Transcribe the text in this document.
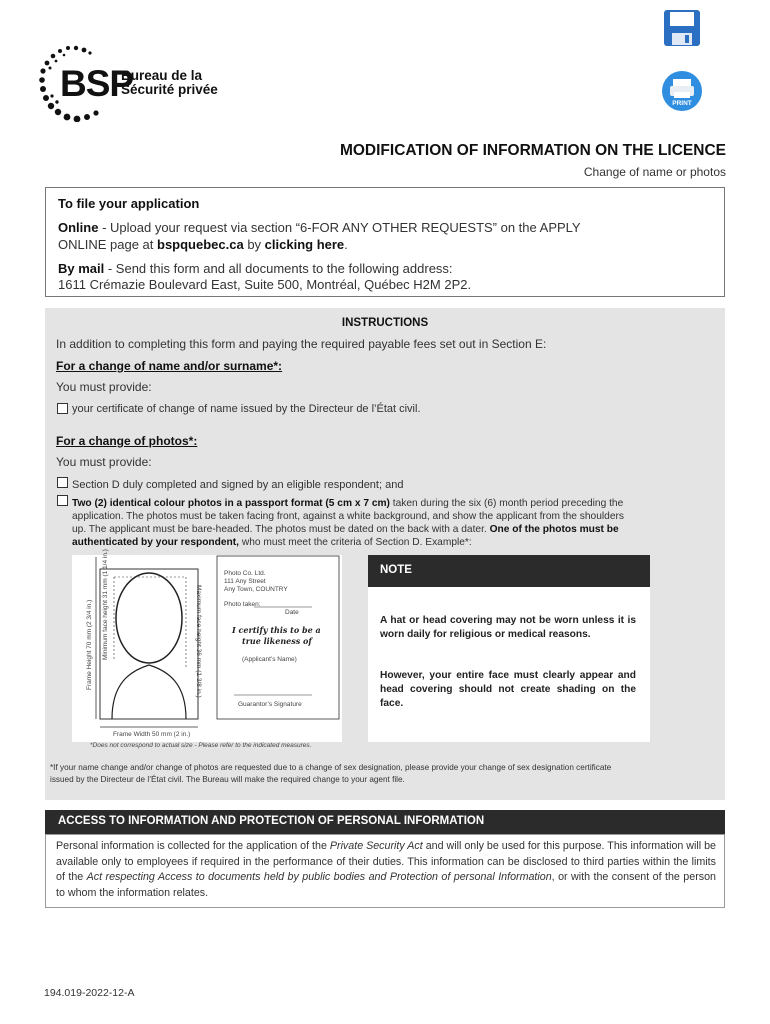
BSP
Bureau de la
Sécurité privée
PRINT
MODIFICATION OF INFORMATION ON THE LICENCE
Change of name or photos
To file your application
Online - Upload your request via section “6-FOR ANY OTHER REQUESTS” on the APPLY
ONLINE page at bspquebec.ca by clicking here.
By mail - Send this form and all documents to the following address:
1611 Crémazie Boulevard East, Suite 500, Montréal, Québec H2M 2P2.
INSTRUCTIONS
In addition to completing this form and paying the required payable fees set out in Section E:
For a change of name and/or surname*:
You must provide:
your certificate of change of name issued by the Directeur de l’État civil.
For a change of photos*:
You must provide:
Section D duly completed and signed by an eligible respondent; and
Two (2) identical colour photos in a passport format (5 cm x 7 cm) taken during the six (6) month period preceding the
application. The photos must be taken facing front, against a white background, and show the applicant from the shoulders
up. The applicant must be bare-headed. The photos must be dated on the back with a dater. One of the photos must be
authenticated by your respondent, who must meet the criteria of Section D. Example*:
Frame Height 70 mm (2 3/4 in.) Minimum face height 31 mm (1 1/4 in.)	Maximum face height 36 mm (1 3/8 in.)
Photo Co. Ltd.
111 Any Street
Any Town, COUNTRY
Photo taken:
Date
I certify this to be a
true likeness of
(Applicant’s Name)
Guarantor’s Signature
Frame Width 50 mm (2 in.)
*Does not correspond to actual size - Please refer to the indicated measures.
NOTE
A hat or head covering may not be worn unless it is worn daily for religious or medical reasons.
However, your entire face must clearly appear and head covering should not create shading on the face.
*If your name change and/or change of photos are requested due to a change of sex designation, please provide your change of sex designation certificate
issued by the Directeur de l’État civil. The Bureau will make the required change to your agent file.
ACCESS TO INFORMATION AND PROTECTION OF PERSONAL INFORMATION
Personal information is collected for the application of the Private Security Act and will only be used for this purpose. This information will be available only to employees if required in the performance of their duties. This information can be disclosed to third parties within the limits of the Act respecting Access to documents held by public bodies and Protection of personal Information, or with the consent of the person to whom the information relates.
194.019-2022-12-A
